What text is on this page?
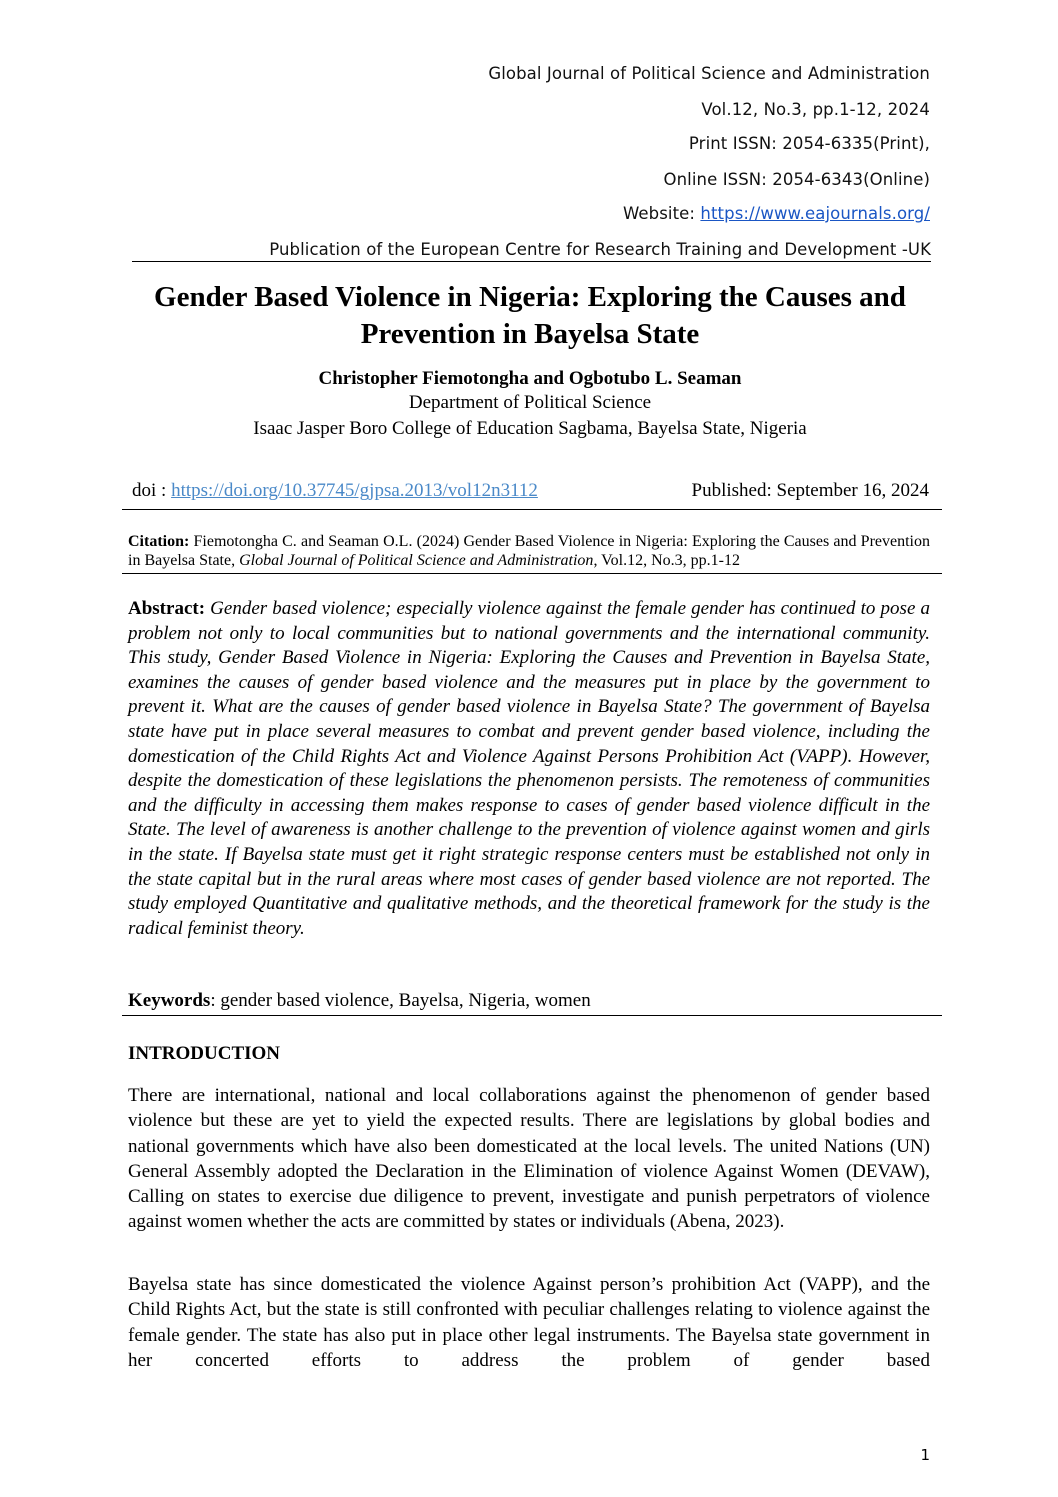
Global Journal of Political Science and Administration
Vol.12, No.3, pp.1-12, 2024
Print ISSN: 2054-6335(Print),
Online ISSN: 2054-6343(Online)
Website: https://www.eajournals.org/
Publication of the European Centre for Research Training and Development -UK
Gender Based Violence in Nigeria: Exploring the Causes and Prevention in Bayelsa State
Christopher Fiemotongha and Ogbotubo L. Seaman
Department of Political Science
Isaac Jasper Boro College of Education Sagbama, Bayelsa State, Nigeria
doi : https://doi.org/10.37745/gjpsa.2013/vol12n3112	Published: September 16, 2024
Citation: Fiemotongha C. and Seaman O.L. (2024) Gender Based Violence in Nigeria: Exploring the Causes and Prevention in Bayelsa State, Global Journal of Political Science and Administration, Vol.12, No.3, pp.1-12
Abstract: Gender based violence; especially violence against the female gender has continued to pose a problem not only to local communities but to national governments and the international community. This study, Gender Based Violence in Nigeria: Exploring the Causes and Prevention in Bayelsa State, examines the causes of gender based violence and the measures put in place by the government to prevent it. What are the causes of gender based violence in Bayelsa State? The government of Bayelsa state have put in place several measures to combat and prevent gender based violence, including the domestication of the Child Rights Act and Violence Against Persons Prohibition Act (VAPP). However, despite the domestication of these legislations the phenomenon persists. The remoteness of communities and the difficulty in accessing them makes response to cases of gender based violence difficult in the State. The level of awareness is another challenge to the prevention of violence against women and girls in the state. If Bayelsa state must get it right strategic response centers must be established not only in the state capital but in the rural areas where most cases of gender based violence are not reported. The study employed Quantitative and qualitative methods, and the theoretical framework for the study is the radical feminist theory.
Keywords: gender based violence, Bayelsa, Nigeria, women
INTRODUCTION

There are international, national and local collaborations against the phenomenon of gender based violence but these are yet to yield the expected results. There are legislations by global bodies and national governments which have also been domesticated at the local levels. The united Nations (UN) General Assembly adopted the Declaration in the Elimination of violence Against Women (DEVAW), Calling on states to exercise due diligence to prevent, investigate and punish perpetrators of violence against women whether the acts are committed by states or individuals (Abena, 2023).

Bayelsa state has since domesticated the violence Against person’s prohibition Act (VAPP), and the Child Rights Act, but the state is still confronted with peculiar challenges relating to violence against the female gender. The state has also put in place other legal instruments. The Bayelsa state government in her concerted efforts to address the problem of gender based

1
